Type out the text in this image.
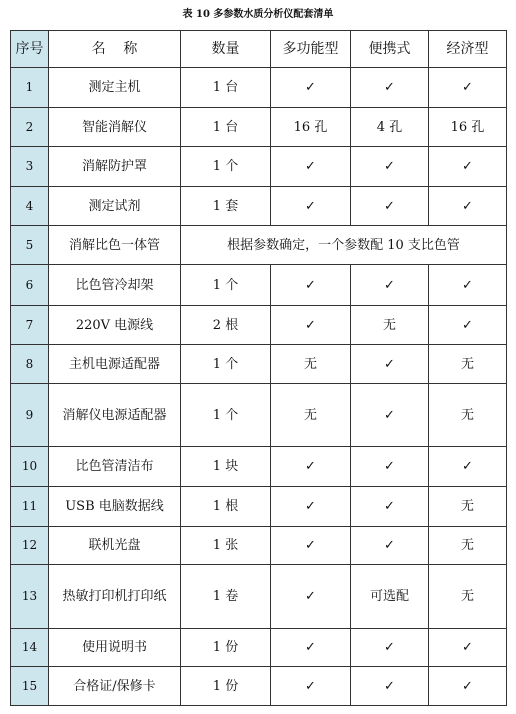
表 10 多参数水质分析仪配套清单
序号	名    称	数量	多功能型	便携式	经济型
1	测定主机	1 台	✓	✓	✓
2	智能消解仪	1 台	16 孔	4 孔	16 孔
3	消解防护罩	1 个	✓	✓	✓
4	测定试剂	1 套	✓	✓	✓
5	消解比色一体管	根据参数确定，一个参数配 10 支比色管			
6	比色管冷却架	1 个	✓	✓	✓
7	220V 电源线	2 根	✓	无	✓
8	主机电源适配器	1 个	无	✓	无
9	消解仪电源适配器	1 个	无	✓	无
10	比色管清洁布	1 块	✓	✓	✓
11	USB 电脑数据线	1 根	✓	✓	无
12	联机光盘	1 张	✓	✓	无
13	热敏打印机打印纸	1 卷	✓	可选配	无
14	使用说明书	1 份	✓	✓	✓
15	合格证/保修卡	1 份	✓	✓	✓
